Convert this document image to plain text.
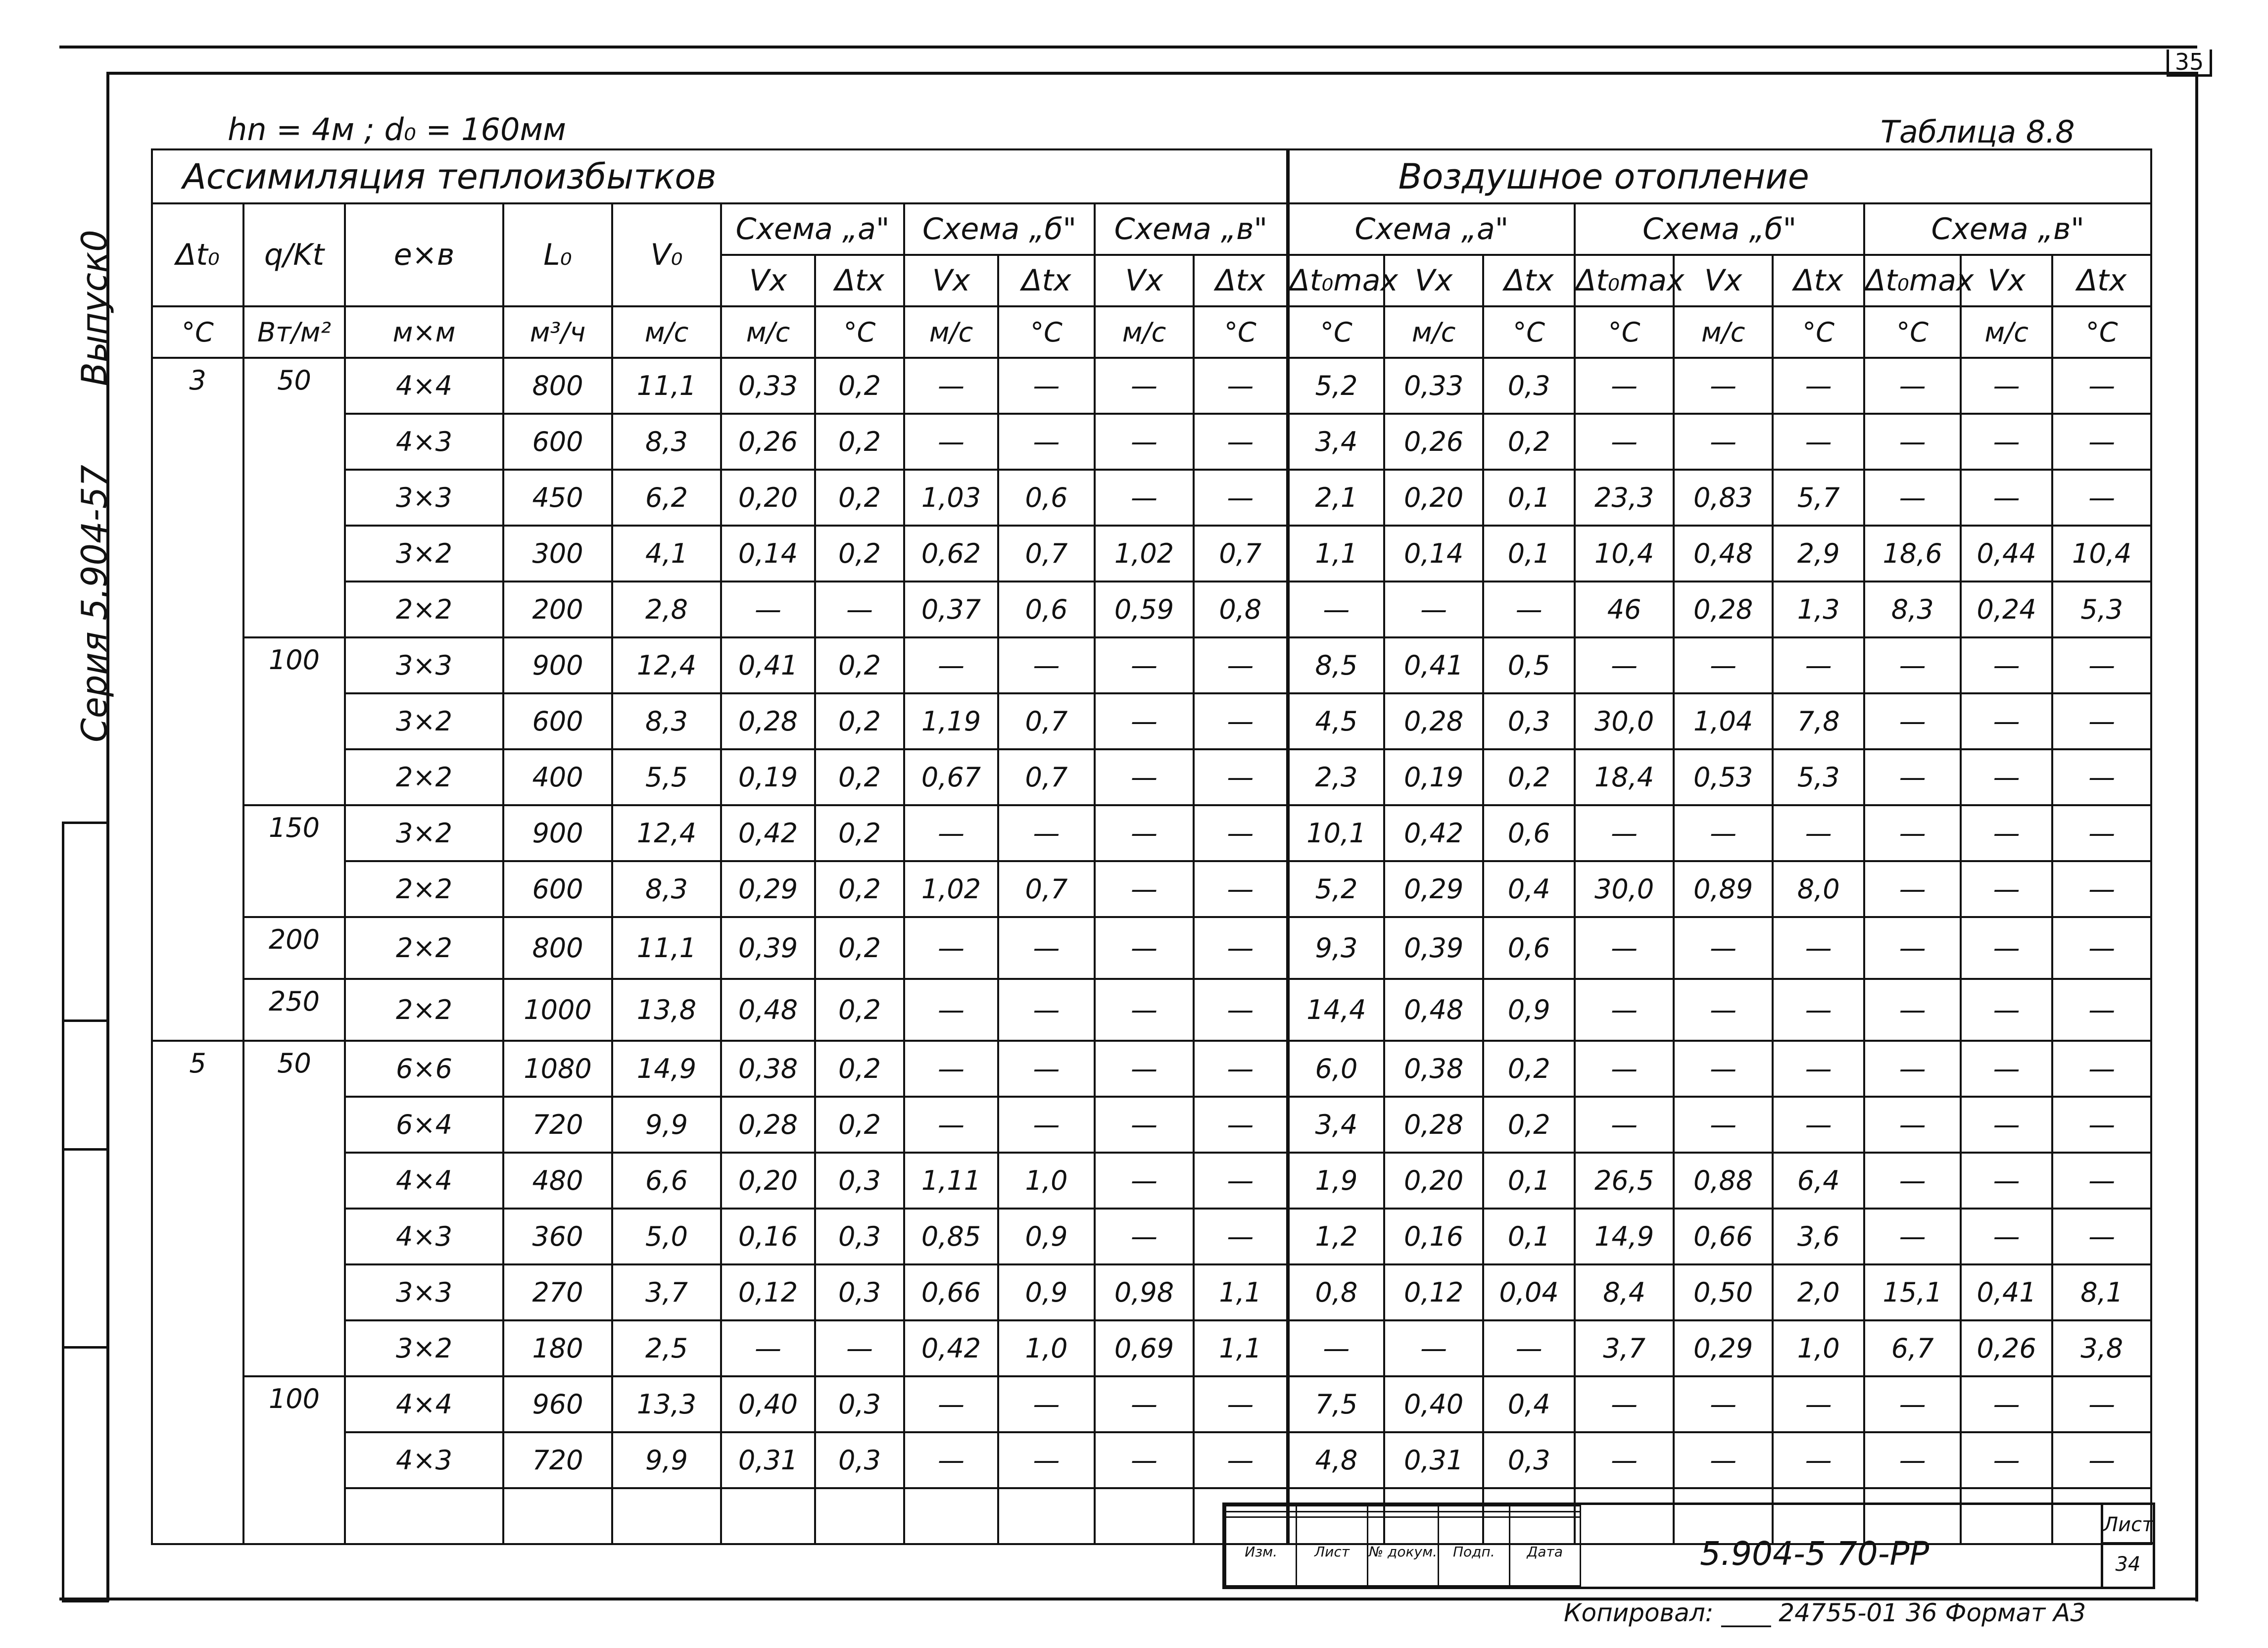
35
Выпуск0
Серия 5.904-57
hn = 4м ; d₀ = 160мм	Таблица 8.8
Ассимиляция теплоизбытков											Воздушное отопление								
Δt₀	q/Kt	e×в	L₀	V₀	Схема „а"		Схема „б"		Схема „в"		Схема „а"			Схема „б"			Схема „в"		
					Vx	Δtx	Vx	Δtx	Vx	Δtx	Δt₀max	Vx	Δtx	Δt₀max	Vx	Δtx	Δt₀max	Vx	Δtx
°C	Вт/м²	м×м	м³/ч	м/с	м/с	°C	м/с	°C	м/с	°C	°C	м/с	°C	°C	м/с	°C	°C	м/с	°C
3	50	4×4	800	11,1	0,33	0,2	—	—	—	—	5,2	0,33	0,3	—	—	—	—	—	—
		4×3	600	8,3	0,26	0,2	—	—	—	—	3,4	0,26	0,2	—	—	—	—	—	—
		3×3	450	6,2	0,20	0,2	1,03	0,6	—	—	2,1	0,20	0,1	23,3	0,83	5,7	—	—	—
		3×2	300	4,1	0,14	0,2	0,62	0,7	1,02	0,7	1,1	0,14	0,1	10,4	0,48	2,9	18,6	0,44	10,4
		2×2	200	2,8	—	—	0,37	0,6	0,59	0,8	—	—	—	46	0,28	1,3	8,3	0,24	5,3
	100	3×3	900	12,4	0,41	0,2	—	—	—	—	8,5	0,41	0,5	—	—	—	—	—	—
		3×2	600	8,3	0,28	0,2	1,19	0,7	—	—	4,5	0,28	0,3	30,0	1,04	7,8	—	—	—
		2×2	400	5,5	0,19	0,2	0,67	0,7	—	—	2,3	0,19	0,2	18,4	0,53	5,3	—	—	—
	150	3×2	900	12,4	0,42	0,2	—	—	—	—	10,1	0,42	0,6	—	—	—	—	—	—
		2×2	600	8,3	0,29	0,2	1,02	0,7	—	—	5,2	0,29	0,4	30,0	0,89	8,0	—	—	—
	200	2×2	800	11,1	0,39	0,2	—	—	—	—	9,3	0,39	0,6	—	—	—	—	—	—
	250	2×2	1000	13,8	0,48	0,2	—	—	—	—	14,4	0,48	0,9	—	—	—	—	—	—
5	50	6×6	1080	14,9	0,38	0,2	—	—	—	—	6,0	0,38	0,2	—	—	—	—	—	—
		6×4	720	9,9	0,28	0,2	—	—	—	—	3,4	0,28	0,2	—	—	—	—	—	—
		4×4	480	6,6	0,20	0,3	1,11	1,0	—	—	1,9	0,20	0,1	26,5	0,88	6,4	—	—	—
		4×3	360	5,0	0,16	0,3	0,85	0,9	—	—	1,2	0,16	0,1	14,9	0,66	3,6	—	—	—
		3×3	270	3,7	0,12	0,3	0,66	0,9	0,98	1,1	0,8	0,12	0,04	8,4	0,50	2,0	15,1	0,41	8,1
		3×2	180	2,5	—	—	0,42	1,0	0,69	1,1	—	—	—	3,7	0,29	1,0	6,7	0,26	3,8
	100	4×4	960	13,3	0,40	0,3	—	—	—	—	7,5	0,40	0,4	—	—	—	—	—	—
		4×3	720	9,9	0,31	0,3	—	—	—	—	4,8	0,31	0,3	—	—	—	—	—	—

Изм.	Лист	№ докум.	Подп.	Дата	5.904-5 70-PP
Лист
34
Копировал: ____ 24755-01 36 Формат А3
